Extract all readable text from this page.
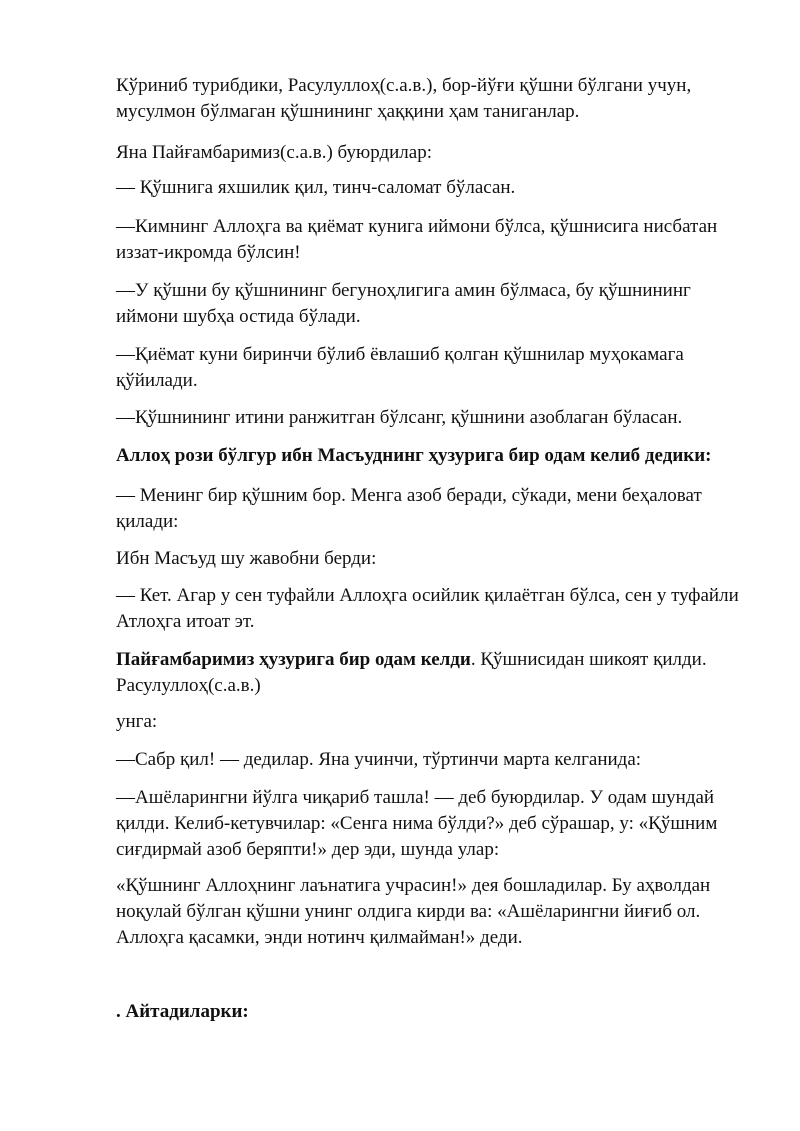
Кўриниб турибдики, Расулуллоҳ(с.а.в.), бор-йўғи қўшни бўлгани учун,
мусулмон бўлмаган қўшнининг ҳаққини ҳам таниганлар.

Яна Пайғамбаримиз(с.а.в.) буюрдилар:

— Қўшнига яхшилик қил, тинч-саломат бўласан.

—Кимнинг Аллоҳга ва қиёмат кунига иймони бўлса, қўшнисига нисбатан
иззат-икромда бўлсин!

—У қўшни бу қўшнининг бегуноҳлигига амин бўлмаса, бу қўшнининг
иймони шубҳа остида бўлади.

—Қиёмат куни биринчи бўлиб ёвлашиб қолган қўшнилар муҳокамага
қўйилади.

—Қўшнининг итини ранжитган бўлсанг, қўшнини азоблаган бўласан.

Аллоҳ рози бўлгур ибн Масъуднинг ҳузурига бир одам келиб дедики:

— Менинг бир қўшним бор. Менга азоб беради, сўкади, мени беҳаловат
қилади:

Ибн Масъуд шу жавобни берди:

— Кет. Агар у сен туфайли Аллоҳга осийлик қилаётган бўлса, сен у туфайли
Атлоҳга итоат эт.

Пайғамбаримиз ҳузурига бир одам келди. Қўшнисидан шикоят қилди.
Расулуллоҳ(с.а.в.)

унга:

—Сабр қил! — дедилар. Яна учинчи, тўртинчи марта келганида:

—Ашёларингни йўлга чиқариб ташла! — деб буюрдилар. У одам шундай
қилди. Келиб-кетувчилар: «Сенга нима бўлди?» деб сўрашар, у: «Қўшним
сиғдирмай азоб беряпти!» дер эди, шунда улар:

«Қўшнинг Аллоҳнинг лаънатига учрасин!» дея бошладилар. Бу аҳволдан
ноқулай бўлган қўшни унинг олдига кирди ва: «Ашёларингни йиғиб ол.
Аллоҳга қасамки, энди нотинч қилмайман!» деди.

. Айтадиларки:
